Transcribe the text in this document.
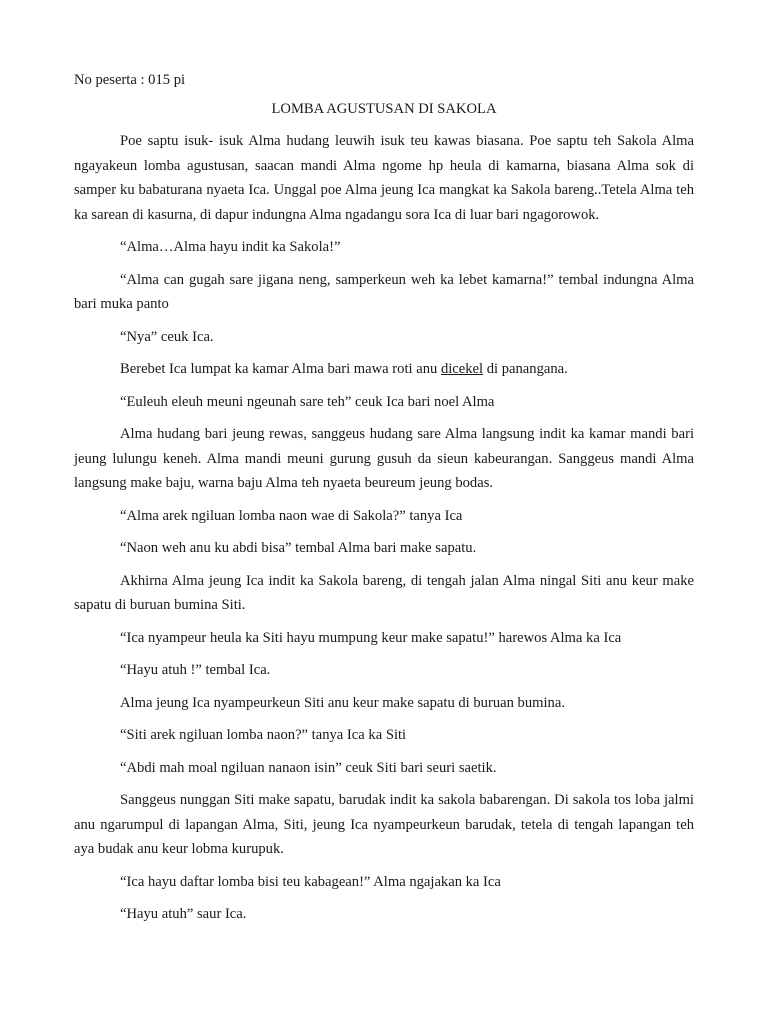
No peserta : 015 pi

LOMBA AGUSTUSAN DI SAKOLA

Poe saptu isuk- isuk Alma hudang leuwih isuk teu kawas biasana. Poe saptu teh Sakola Alma ngayakeun lomba agustusan, saacan mandi Alma ngome hp heula di kamarna, biasana Alma sok di samper ku babaturana nyaeta Ica. Unggal poe Alma jeung Ica mangkat ka Sakola bareng..Tetela Alma teh ka sarean di kasurna, di dapur indungna Alma ngadangu sora Ica di luar bari ngagorowok.

“Alma…Alma hayu indit ka Sakola!”

“Alma can gugah sare jigana neng, samperkeun weh ka lebet kamarna!” tembal indungna Alma bari muka panto

“Nya” ceuk Ica.

Berebet Ica lumpat ka kamar Alma bari mawa roti anu dicekel di panangana.

“Euleuh eleuh meuni ngeunah sare teh” ceuk Ica bari noel Alma

Alma hudang bari jeung rewas, sanggeus hudang sare Alma langsung indit ka kamar mandi bari jeung lulungu keneh. Alma mandi meuni gurung gusuh da sieun kabeurangan. Sanggeus mandi Alma langsung make baju, warna baju Alma teh nyaeta beureum jeung bodas.

“Alma arek ngiluan lomba naon wae di Sakola?” tanya Ica

“Naon weh anu ku abdi bisa” tembal Alma bari make sapatu.

Akhirna Alma jeung Ica indit ka Sakola bareng, di tengah jalan Alma ningal Siti anu keur make sapatu di buruan bumina Siti.

“Ica nyampeur heula ka Siti hayu mumpung keur make sapatu!” harewos Alma ka Ica

“Hayu atuh !” tembal Ica.

Alma jeung Ica nyampeurkeun Siti anu keur make sapatu di buruan bumina.

“Siti arek ngiluan lomba naon?” tanya Ica ka Siti

“Abdi mah moal ngiluan nanaon isin” ceuk Siti bari seuri saetik.

Sanggeus nunggan Siti make sapatu, barudak indit ka sakola babarengan. Di sakola tos loba jalmi anu ngarumpul di lapangan Alma, Siti, jeung Ica nyampeurkeun barudak, tetela di tengah lapangan teh aya budak anu keur lobma kurupuk.

“Ica hayu daftar lomba bisi teu kabagean!” Alma ngajakan ka Ica

“Hayu atuh” saur Ica.
